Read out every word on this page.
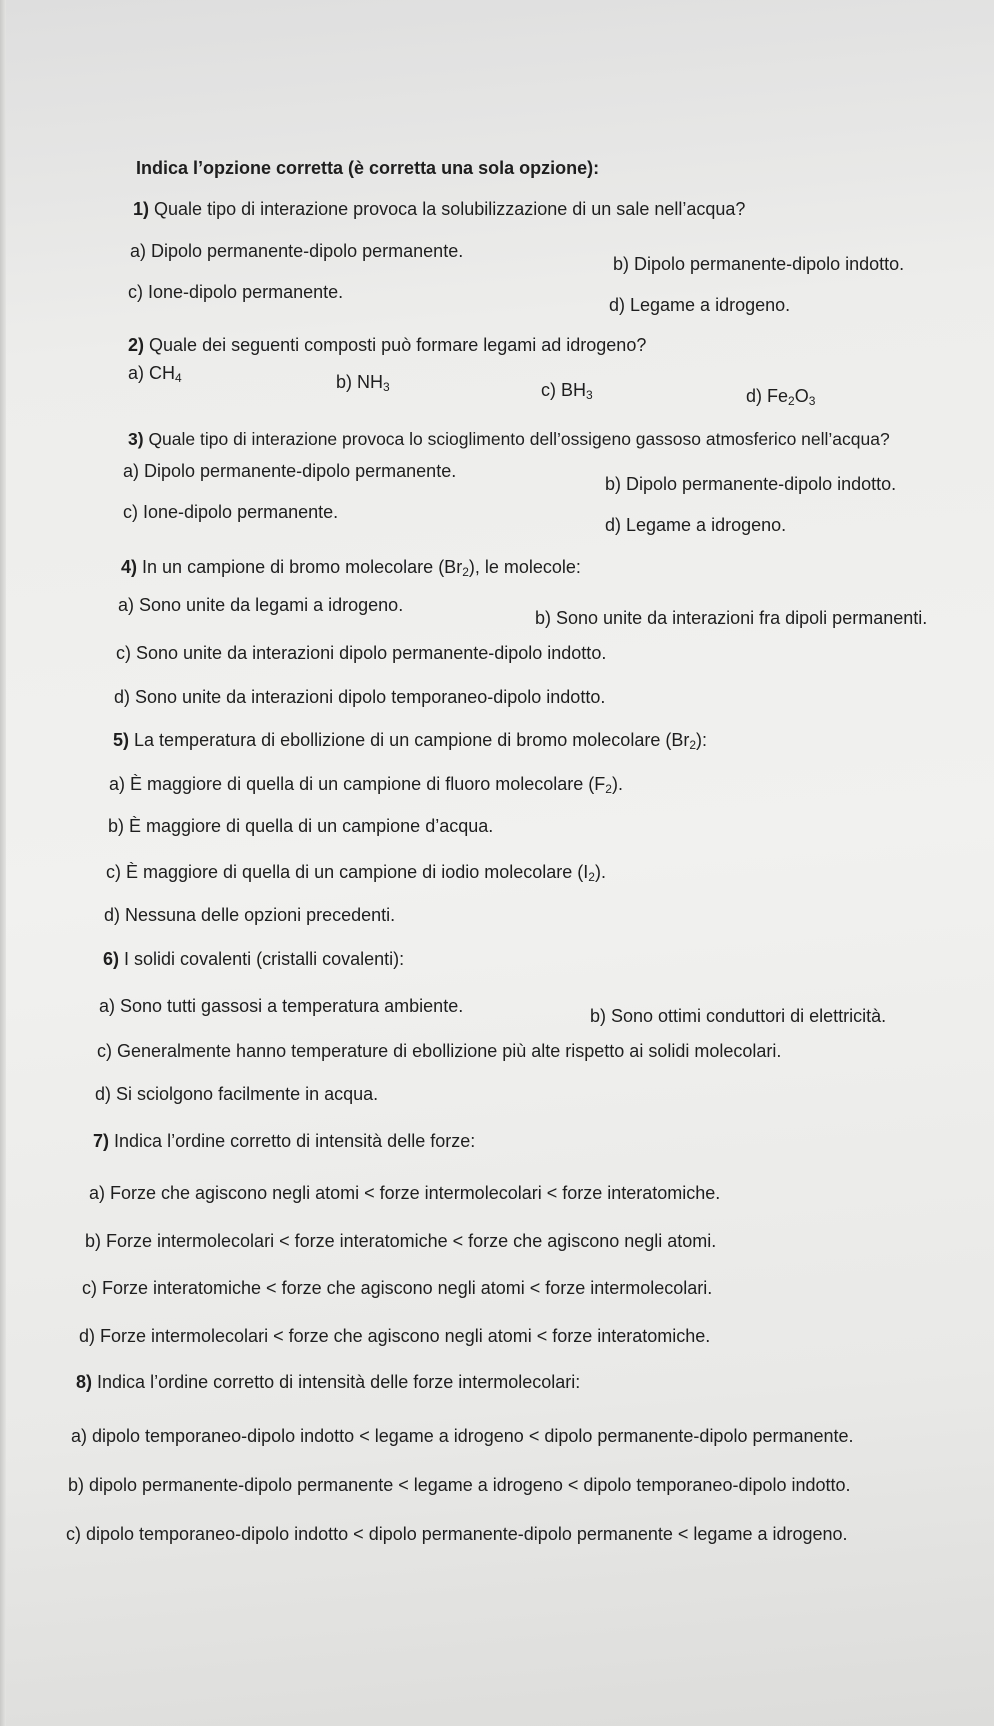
Indica l’opzione corretta (è corretta una sola opzione):
1) Quale tipo di interazione provoca la solubilizzazione di un sale nell’acqua?
a) Dipolo permanente-dipolo permanente.
b) Dipolo permanente-dipolo indotto.
c) Ione-dipolo permanente.
d) Legame a idrogeno.
2) Quale dei seguenti composti può formare legami ad idrogeno?
a) $CH_4$	b) $NH_3$	c) $BH_3$	d) $Fe_2O_3$
3) Quale tipo di interazione provoca lo scioglimento dell’ossigeno gassoso atmosferico nell’acqua?
a) Dipolo permanente-dipolo permanente.
b) Dipolo permanente-dipolo indotto.
c) Ione-dipolo permanente.
d) Legame a idrogeno.
4) In un campione di bromo molecolare $(Br_2)$, le molecole:
a) Sono unite da legami a idrogeno.
b) Sono unite da interazioni fra dipoli permanenti.
c) Sono unite da interazioni dipolo permanente-dipolo indotto.
d) Sono unite da interazioni dipolo temporaneo-dipolo indotto.
5) La temperatura di ebollizione di un campione di bromo molecolare $(Br_2)$:
a) È maggiore di quella di un campione di fluoro molecolare $(F_2)$.
b) È maggiore di quella di un campione d’acqua.
c) È maggiore di quella di un campione di iodio molecolare $(I_2)$.
d) Nessuna delle opzioni precedenti.
6) I solidi covalenti (cristalli covalenti):
a) Sono tutti gassosi a temperatura ambiente.	b) Sono ottimi conduttori di elettricità.
c) Generalmente hanno temperature di ebollizione più alte rispetto ai solidi molecolari.
d) Si sciolgono facilmente in acqua.
7) Indica l’ordine corretto di intensità delle forze:
a) Forze che agiscono negli atomi < forze intermolecolari < forze interatomiche.
b) Forze intermolecolari < forze interatomiche < forze che agiscono negli atomi.
c) Forze interatomiche < forze che agiscono negli atomi < forze intermolecolari.
d) Forze intermolecolari < forze che agiscono negli atomi < forze interatomiche.
8) Indica l’ordine corretto di intensità delle forze intermolecolari:
a) dipolo temporaneo-dipolo indotto < legame a idrogeno < dipolo permanente-dipolo permanente.
b) dipolo permanente-dipolo permanente < legame a idrogeno < dipolo temporaneo-dipolo indotto.
c) dipolo temporaneo-dipolo indotto < dipolo permanente-dipolo permanente < legame a idrogeno.
